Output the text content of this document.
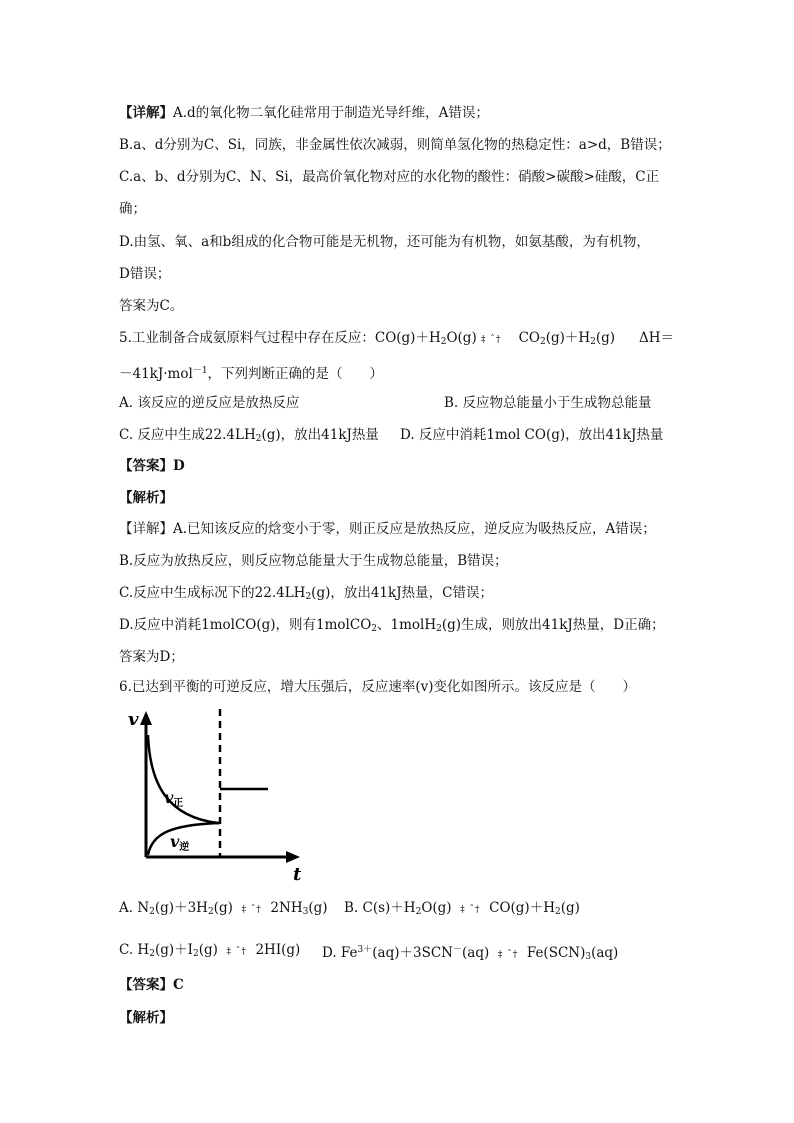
【详解】A.d的氧化物二氧化硅常用于制造光导纤维，A错误；
B.a、d分别为C、Si，同族，非金属性依次减弱，则简单氢化物的热稳定性：a>d，B错误；
C.a、b、d分别为C、N、Si，最高价氧化物对应的水化物的酸性：硝酸>碳酸>硅酸，C正
确；
D.由氢、氧、a和b组成的化合物可能是无机物，还可能为有机物，如氨基酸，为有机物，
D错误；
答案为C。
5.工业制备合成氨原料气过程中存在反应：$CO(g)+H_2O(g)$ ‡ ˆ† $CO_2(g)+H_2(g)$ ΔH＝
－41kJ·mol$^{-1}$，下列判断正确的是（　　）
A. 该反应的逆反应是放热反应	B. 反应物总能量小于生成物总能量
C. 反应中生成$22.4LH_2(g)$，放出41kJ热量 D. 反应中消耗1mol CO(g)，放出41kJ热量
【答案】D
【解析】
【详解】A.已知该反应的焓变小于零，则正反应是放热反应，逆反应为吸热反应，A错误；
B.反应为放热反应，则反应物总能量大于生成物总能量，B错误；
C.反应中生成标况下的$22.4LH_2(g)$，放出41kJ热量，C错误；
D.反应中消耗1molCO(g)，则有1molCO$_2$、1molH$_2$(g)生成，则放出41kJ热量，D正确；
答案为D；
6.已达到平衡的可逆反应，增大压强后，反应速率(v)变化如图所示。该反应是（　　）
v
t
v正
v逆
A. $N_2(g)+3H_2(g)$ ‡ ˆ† $2NH_3(g)$ B. $C(s)+H_2O(g)$ ‡ ˆ† $CO(g)+H_2(g)$
C. $H_2(g)+I_2(g)$ ‡ ˆ† 2HI(g) D. $Fe^{3+}(aq)+3SCN^-(aq)$ ‡ ˆ† $Fe(SCN)_3(aq)$
【答案】C
【解析】
